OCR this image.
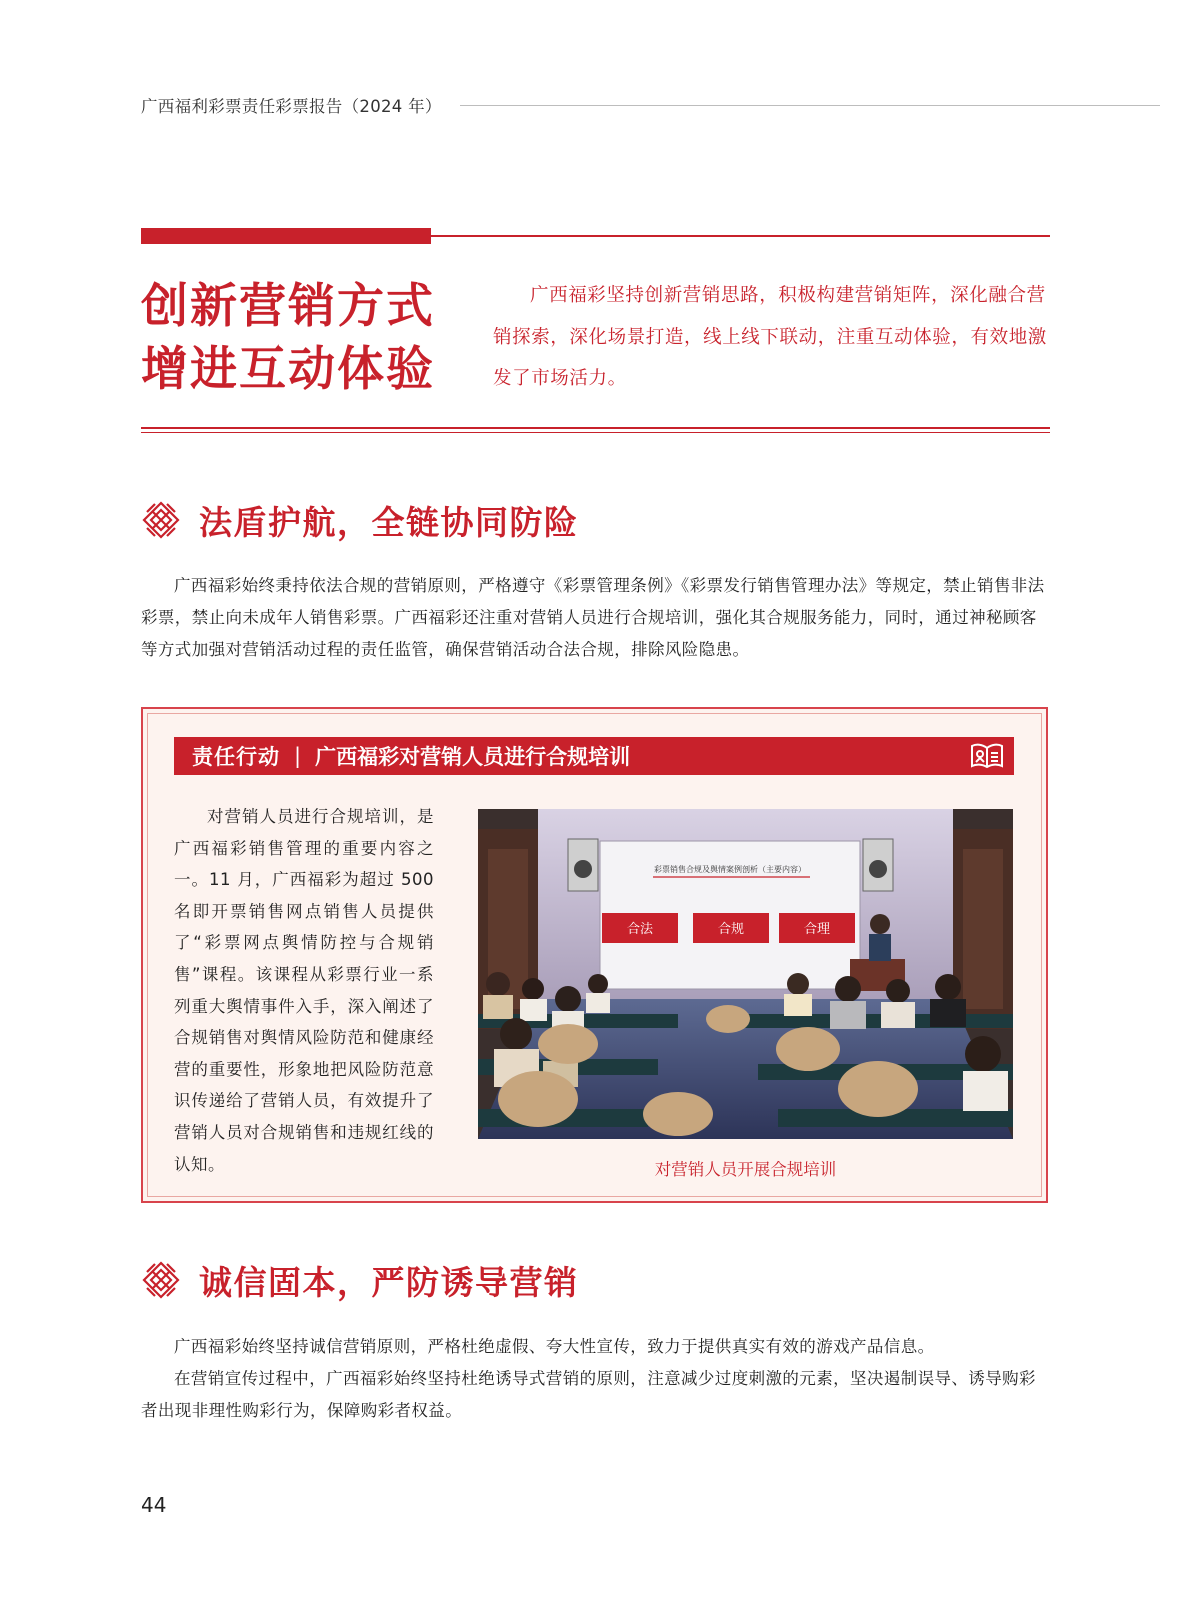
广西福利彩票责任彩票报告（2024 年）
创新营销方式
增进互动体验

广西福彩坚持创新营销思路，积极构建营销矩阵，深化融合营销探索，深化场景打造，线上线下联动，注重互动体验，有效地激发了市场活力。

法盾护航，全链协同防险

广西福彩始终秉持依法合规的营销原则，严格遵守《彩票管理条例》《彩票发行销售管理办法》等规定，禁止销售非法彩票，禁止向未成年人销售彩票。广西福彩还注重对营销人员进行合规培训，强化其合规服务能力，同时，通过神秘顾客等方式加强对营销活动过程的责任监管，确保营销活动合法合规，排除风险隐患。

责任行动 | 广西福彩对营销人员进行合规培训

对营销人员进行合规培训，是广西福彩销售管理的重要内容之一。11 月，广西福彩为超过 500 名即开票销售网点销售人员提供了“彩票网点舆情防控与合规销售”课程。该课程从彩票行业一系列重大舆情事件入手，深入阐述了合规销售对舆情风险防范和健康经营的重要性，形象地把风险防范意识传递给了营销人员，有效提升了营销人员对合规销售和违规红线的认知。

彩票销售合规及舆情案例剖析（主要内容）
合法	合规	合理
对营销人员开展合规培训
诚信固本，严防诱导营销

广西福彩始终坚持诚信营销原则，严格杜绝虚假、夸大性宣传，致力于提供真实有效的游戏产品信息。

在营销宣传过程中，广西福彩始终坚持杜绝诱导式营销的原则，注意减少过度刺激的元素，坚决遏制误导、诱导购彩者出现非理性购彩行为，保障购彩者权益。

44
